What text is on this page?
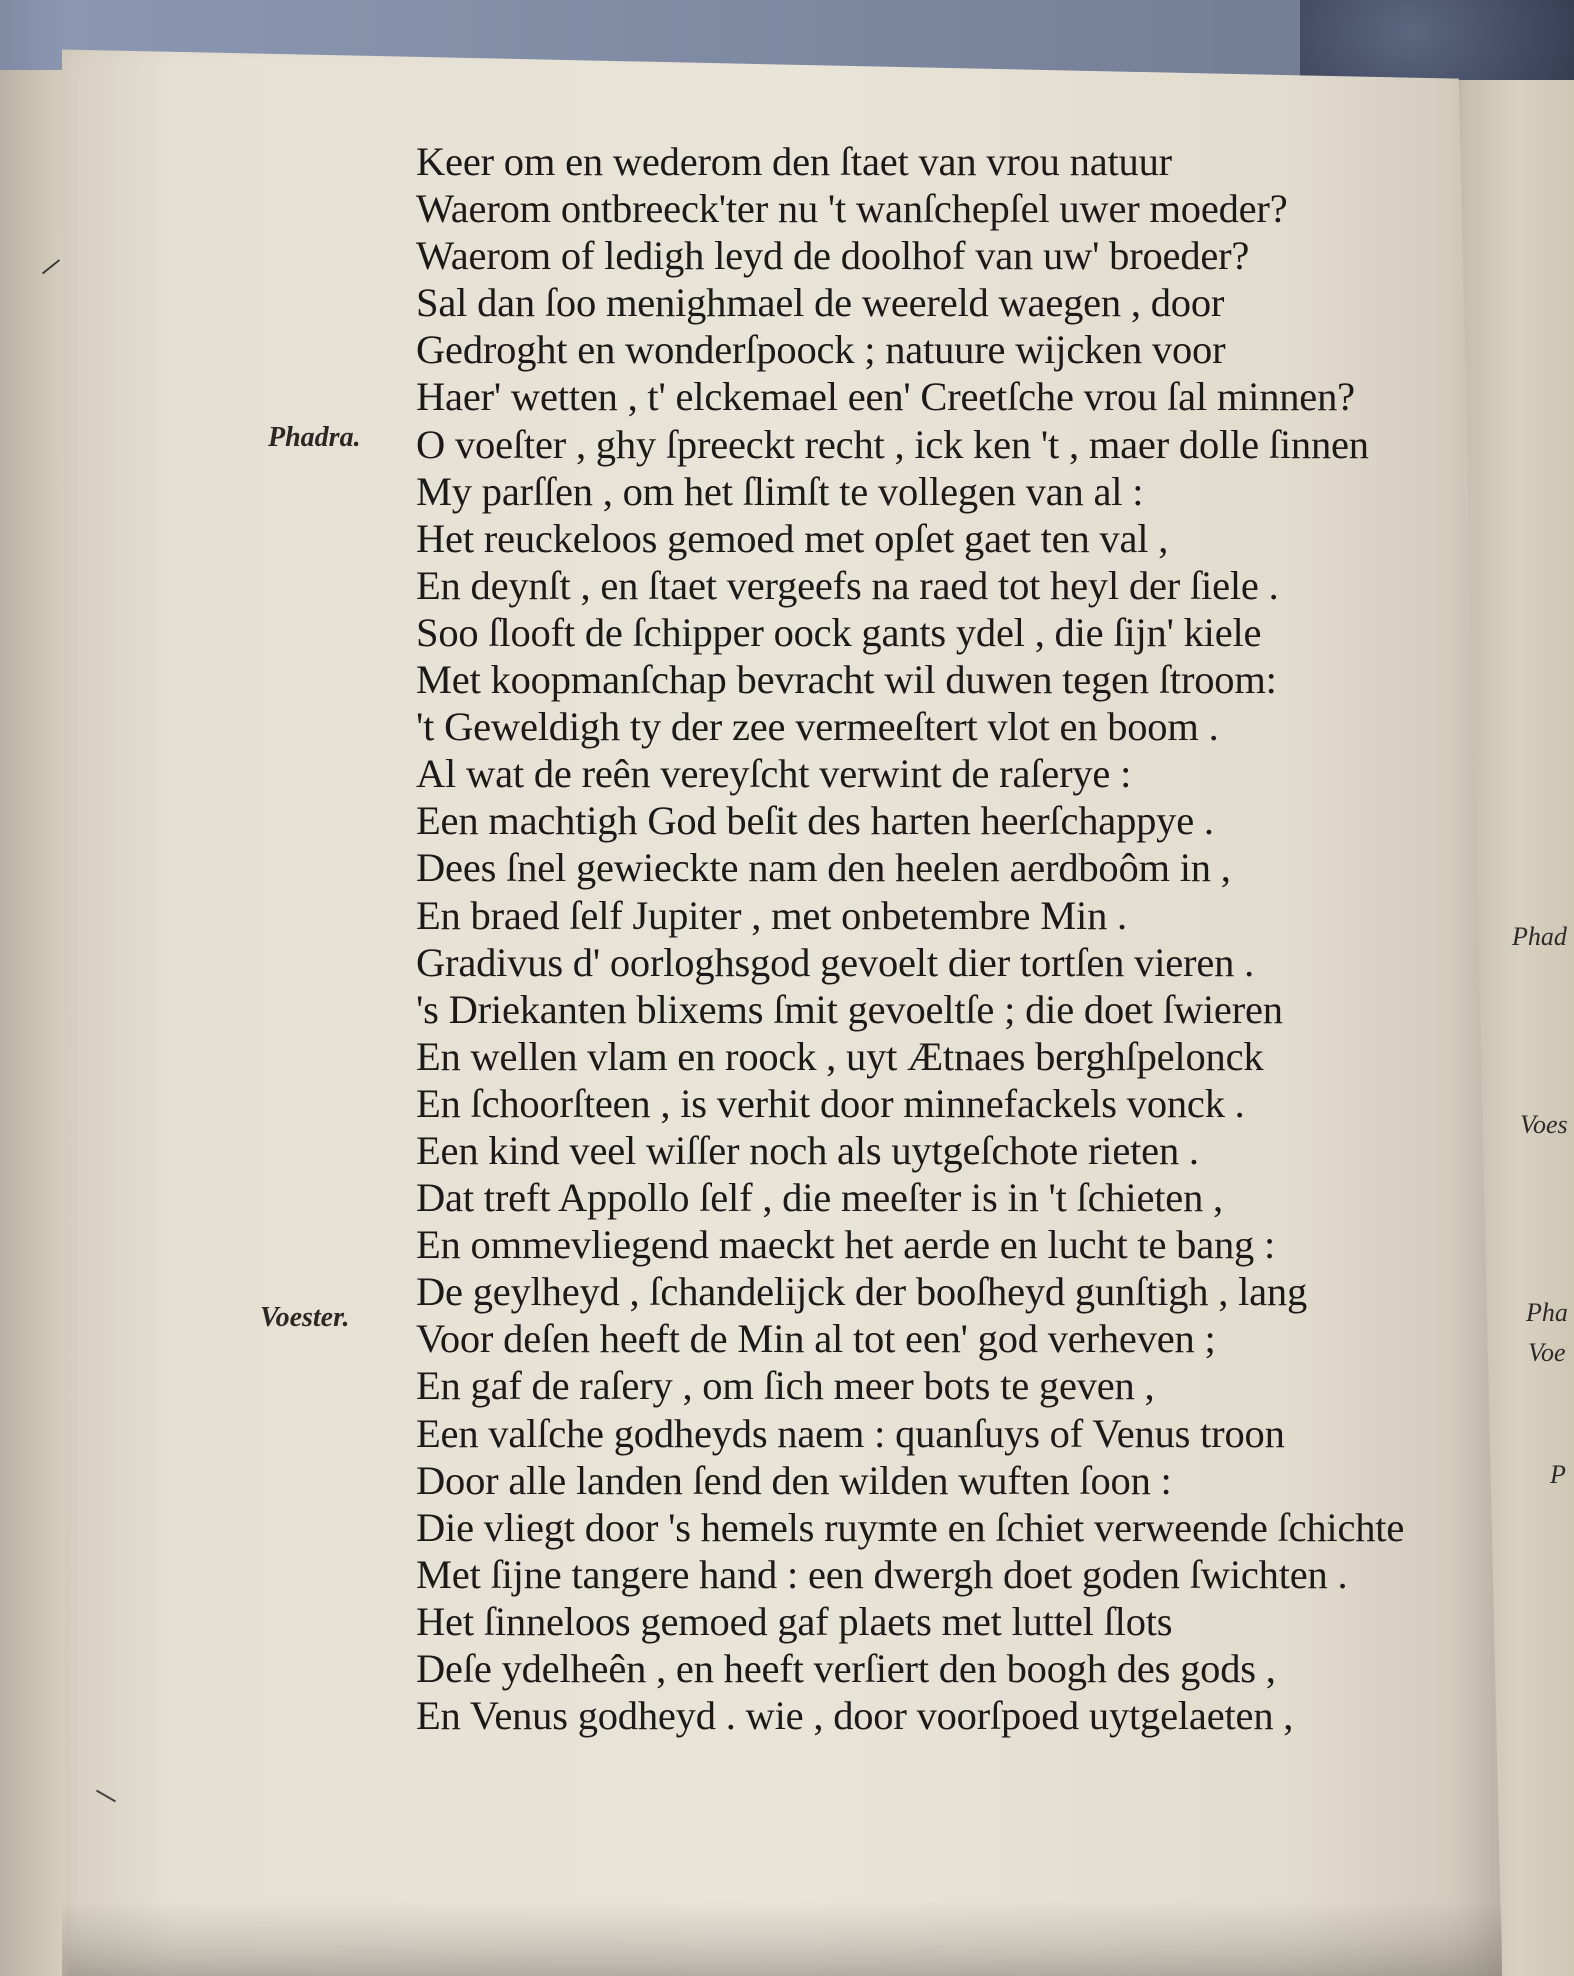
⸝
Phad
Voes
Pha
Voe
P
Phadra.
Voester.
Keer om en wederom den ſtaet van vrou natuur
Waerom ontbreeck'ter nu 't wanſchepſel uwer moeder?
Waerom of ledigh leyd de doolhof van uw' broeder?
Sal dan ſoo menighmael de weereld waegen , door
Gedroght en wonderſpoock ; natuure wijcken voor
Haer' wetten , t' elckemael een' Creetſche vrou ſal minnen?
O voeſter , ghy ſpreeckt recht , ick ken 't , maer dolle ſinnen
My parſſen , om het ſlimſt te vollegen van al :
Het reuckeloos gemoed met opſet gaet ten val ,
En deynſt , en ſtaet vergeefs na raed tot heyl der ſiele .
Soo ſlooft de ſchipper oock gants ydel , die ſijn' kiele
Met koopmanſchap bevracht wil duwen tegen ſtroom:
't Geweldigh ty der zee vermeeſtert vlot en boom .
Al wat de reên vereyſcht verwint de raſerye :
Een machtigh God beſit des harten heerſchappye .
Dees ſnel gewieckte nam den heelen aerdboôm in ,
En braed ſelf Jupiter , met onbetembre Min .
Gradivus d' oorloghsgod gevoelt dier tortſen vieren .
's Driekanten blixems ſmit gevoeltſe ; die doet ſwieren
En wellen vlam en roock , uyt Ætnaes berghſpelonck
En ſchoorſteen , is verhit door minnefackels vonck .
Een kind veel wiſſer noch als uytgeſchote rieten .
Dat treft Appollo ſelf , die meeſter is in 't ſchieten ,
En ommevliegend maeckt het aerde en lucht te bang :
De geylheyd , ſchandelijck der booſheyd gunſtigh , lang
Voor deſen heeft de Min al tot een' god verheven ;
En gaf de raſery , om ſich meer bots te geven ,
Een valſche godheyds naem : quanſuys of Venus troon
Door alle landen ſend den wilden wuften ſoon :
Die vliegt door 's hemels ruymte en ſchiet verweende ſchichte
Met ſijne tangere hand : een dwergh doet goden ſwichten .
Het ſinneloos gemoed gaf plaets met luttel ſlots
Deſe ydelheên , en heeft verſiert den boogh des gods ,
En Venus godheyd . wie , door voorſpoed uytgelaeten ,
